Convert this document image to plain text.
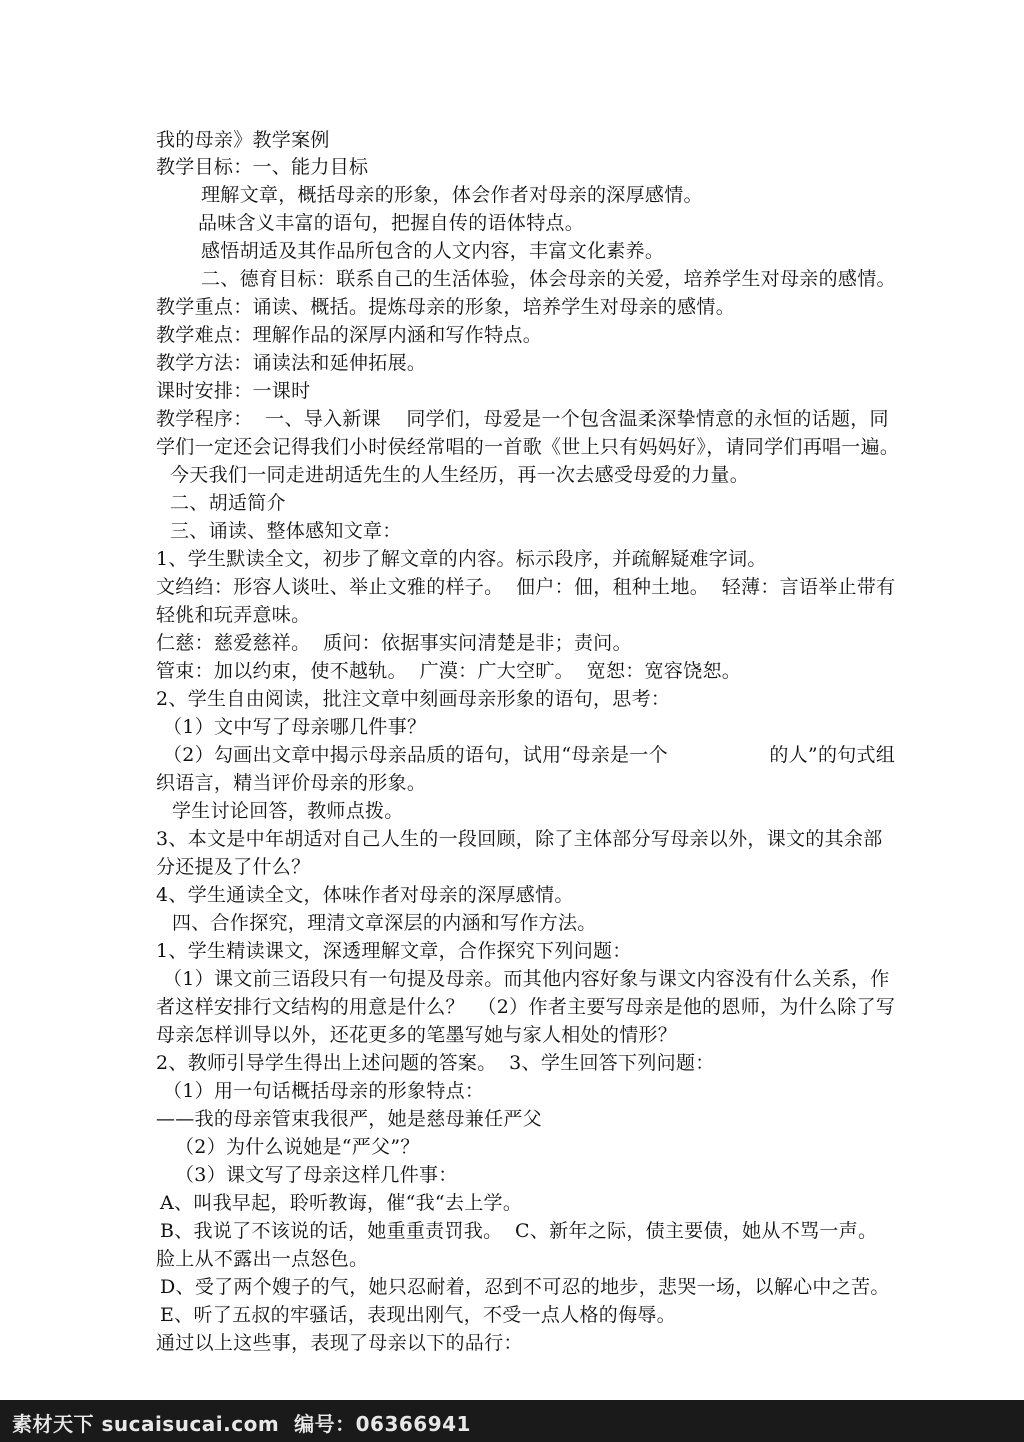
我的母亲》教学案例
教学目标：一、能力目标
理解文章，概括母亲的形象，体会作者对母亲的深厚感情。
品味含义丰富的语句，把握自传的语体特点。
感悟胡适及其作品所包含的人文内容，丰富文化素养。
二、德育目标：联系自己的生活体验，体会母亲的关爱，培养学生对母亲的感情。
教学重点：诵读、概括。提炼母亲的形象，培养学生对母亲的感情。
教学难点：理解作品的深厚内涵和写作特点。
教学方法：诵读法和延伸拓展。
课时安排：一课时
教学程序：  一、导入新课    同学们，母爱是一个包含温柔深挚情意的永恒的话题，同
学们一定还会记得我们小时侯经常唱的一首歌《世上只有妈妈好》，请同学们再唱一遍。
今天我们一同走进胡适先生的人生经历，再一次去感受母爱的力量。
二、胡适简介
三、诵读、整体感知文章：
1、学生默读全文，初步了解文章的内容。标示段序，并疏解疑难字词。
文绉绉：形容人谈吐、举止文雅的样子。  佃户：佃，租种土地。  轻薄：言语举止带有
轻佻和玩弄意味。
仁慈：慈爱慈祥。  质问：依据事实问清楚是非；责问。
管束：加以约束，使不越轨。  广漠：广大空旷。  宽恕：宽容饶恕。
2、学生自由阅读，批注文章中刻画母亲形象的语句，思考：
（1）文中写了母亲哪几件事？
（2）勾画出文章中揭示母亲品质的语句，试用“母亲是一个                的人”的句式组
织语言，精当评价母亲的形象。
学生讨论回答，教师点拨。
3、本文是中年胡适对自己人生的一段回顾，除了主体部分写母亲以外，课文的其余部
分还提及了什么？
4、学生通读全文，体味作者对母亲的深厚感情。
四、合作探究，理清文章深层的内涵和写作方法。
1、学生精读课文，深透理解文章，合作探究下列问题：
（1）课文前三语段只有一句提及母亲。而其他内容好象与课文内容没有什么关系，作
者这样安排行文结构的用意是什么？  （2）作者主要写母亲是他的恩师，为什么除了写
母亲怎样训导以外，还花更多的笔墨写她与家人相处的情形？
2、教师引导学生得出上述问题的答案。  3、学生回答下列问题：
（1）用一句话概括母亲的形象特点：
——我的母亲管束我很严，她是慈母兼任严父
（2）为什么说她是“严父”？
（3）课文写了母亲这样几件事：
A、叫我早起，聆听教诲，催“我“去上学。
B、我说了不该说的话，她重重责罚我。  C、新年之际，债主要债，她从不骂一声。
脸上从不露出一点怒色。
D、受了两个嫂子的气，她只忍耐着，忍到不可忍的地步，悲哭一场，以解心中之苦。
E、听了五叔的牢骚话，表现出刚气，不受一点人格的侮辱。
通过以上这些事，表现了母亲以下的品行：
素材天下 sucaisucai.com  编号：06366941
